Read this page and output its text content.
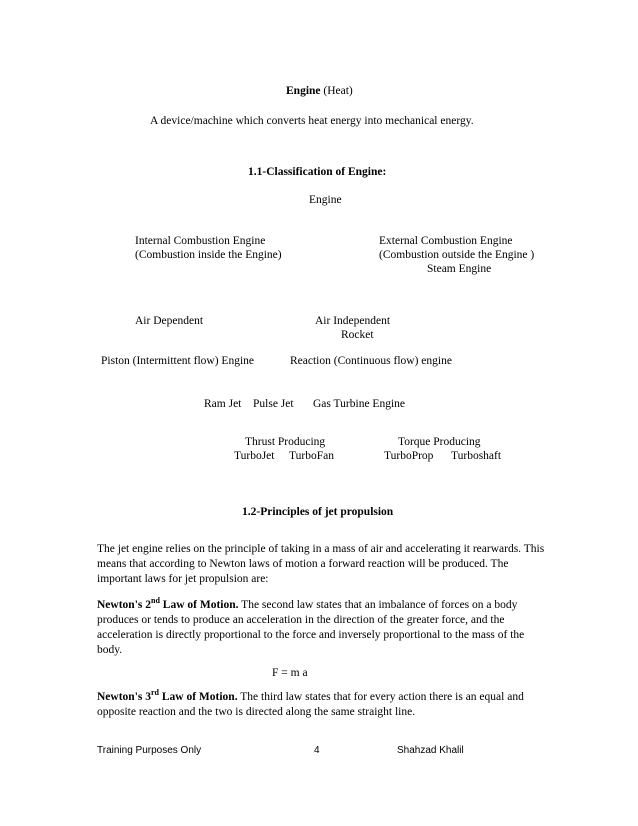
Engine (Heat)
A device/machine which converts heat energy into mechanical energy.
1.1-Classification of Engine:
Engine
Internal Combustion Engine
(Combustion inside the Engine)
External Combustion Engine
(Combustion outside the Engine )
Steam Engine
Air Dependent	Air Independent
Rocket
Piston (Intermittent flow) Engine	Reaction (Continuous flow) engine
Ram Jet Pulse Jet Gas Turbine Engine
Thrust Producing	Torque Producing
TurboJet TurboFan	TurboProp Turboshaft
1.2-Principles of jet propulsion
The jet engine relies on the principle of taking in a mass of air and accelerating it rearwards. This means that according to Newton laws of motion a forward reaction will be produced. The important laws for jet propulsion are:
Newton's 2nd Law of Motion. The second law states that an imbalance of forces on a body produces or tends to produce an acceleration in the direction of the greater force, and the acceleration is directly proportional to the force and inversely proportional to the mass of the body.
F = m a
Newton's 3rd Law of Motion. The third law states that for every action there is an equal and opposite reaction and the two is directed along the same straight line.
Training Purposes Only	4	Shahzad Khalil
